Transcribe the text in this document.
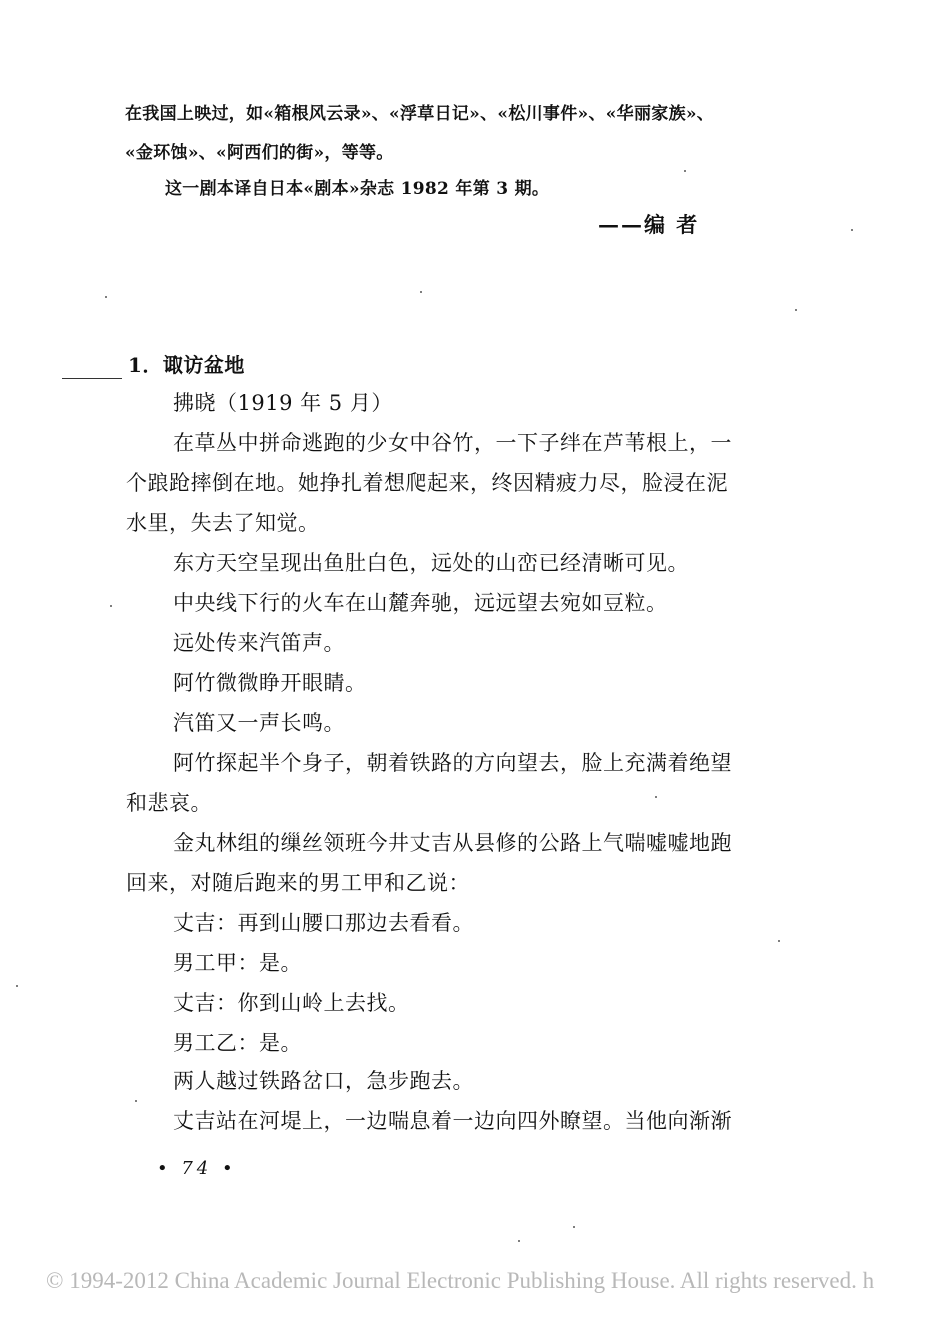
在我国上映过，如«箱根风云录»、«浮草日记»、«松川事件»、«华丽家族»、
«金环蚀»、«阿西们的街»，等等。
这一剧本译自日本«剧本»杂志 1982 年第 3 期。
——编 者
1．诹访盆地
拂晓（1919 年 5 月）
在草丛中拼命逃跑的少女中谷竹，一下子绊在芦苇根上，一
个踉跄摔倒在地。她挣扎着想爬起来，终因精疲力尽，脸浸在泥
水里，失去了知觉。
东方天空呈现出鱼肚白色，远处的山峦已经清晰可见。
中央线下行的火车在山麓奔驰，远远望去宛如豆粒。
远处传来汽笛声。
阿竹微微睁开眼睛。
汽笛又一声长鸣。
阿竹探起半个身子，朝着铁路的方向望去，脸上充满着绝望
和悲哀。
金丸林组的缫丝领班今井丈吉从县修的公路上气喘嘘嘘地跑
回来，对随后跑来的男工甲和乙说：
丈吉：再到山腰口那边去看看。
男工甲：是。
丈吉：你到山岭上去找。
男工乙：是。
两人越过铁路岔口，急步跑去。
丈吉站在河堤上，一边喘息着一边向四外瞭望。当他向渐渐
• 74 •
© 1994-2012 China Academic Journal Electronic Publishing House. All rights reserved. h
